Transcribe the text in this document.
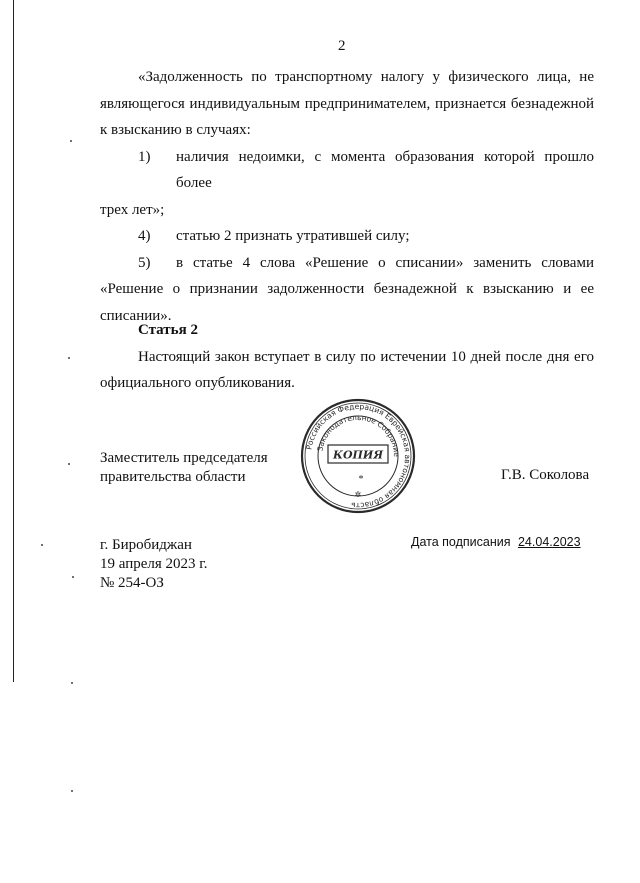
2

«Задолженность по транспортному налогу у физического лица, не являющегося индивидуальным предпринимателем, признается безнадежной к взысканию в случаях:

1)	наличия недоимки, с момента образования которой прошло более

трех лет»;

4)	статью 2 признать утратившей силу;
5)	в статье 4 слова «Решение о списании» заменить словами

«Решение о признании задолженности безнадежной к взысканию и ее списании».

Статья 2

Настоящий закон вступает в силу по истечении 10 дней после дня его официального опубликования.

Заместитель председателя
правительства области
Российская Федерация Еврейская автономная область
Законодательное Собрание
КОПИЯ
*
✲
Г.В. Соколова
г. Биробиджан
19 апреля 2023 г.
№ 254-ОЗ
Дата подписания 24.04.2023
